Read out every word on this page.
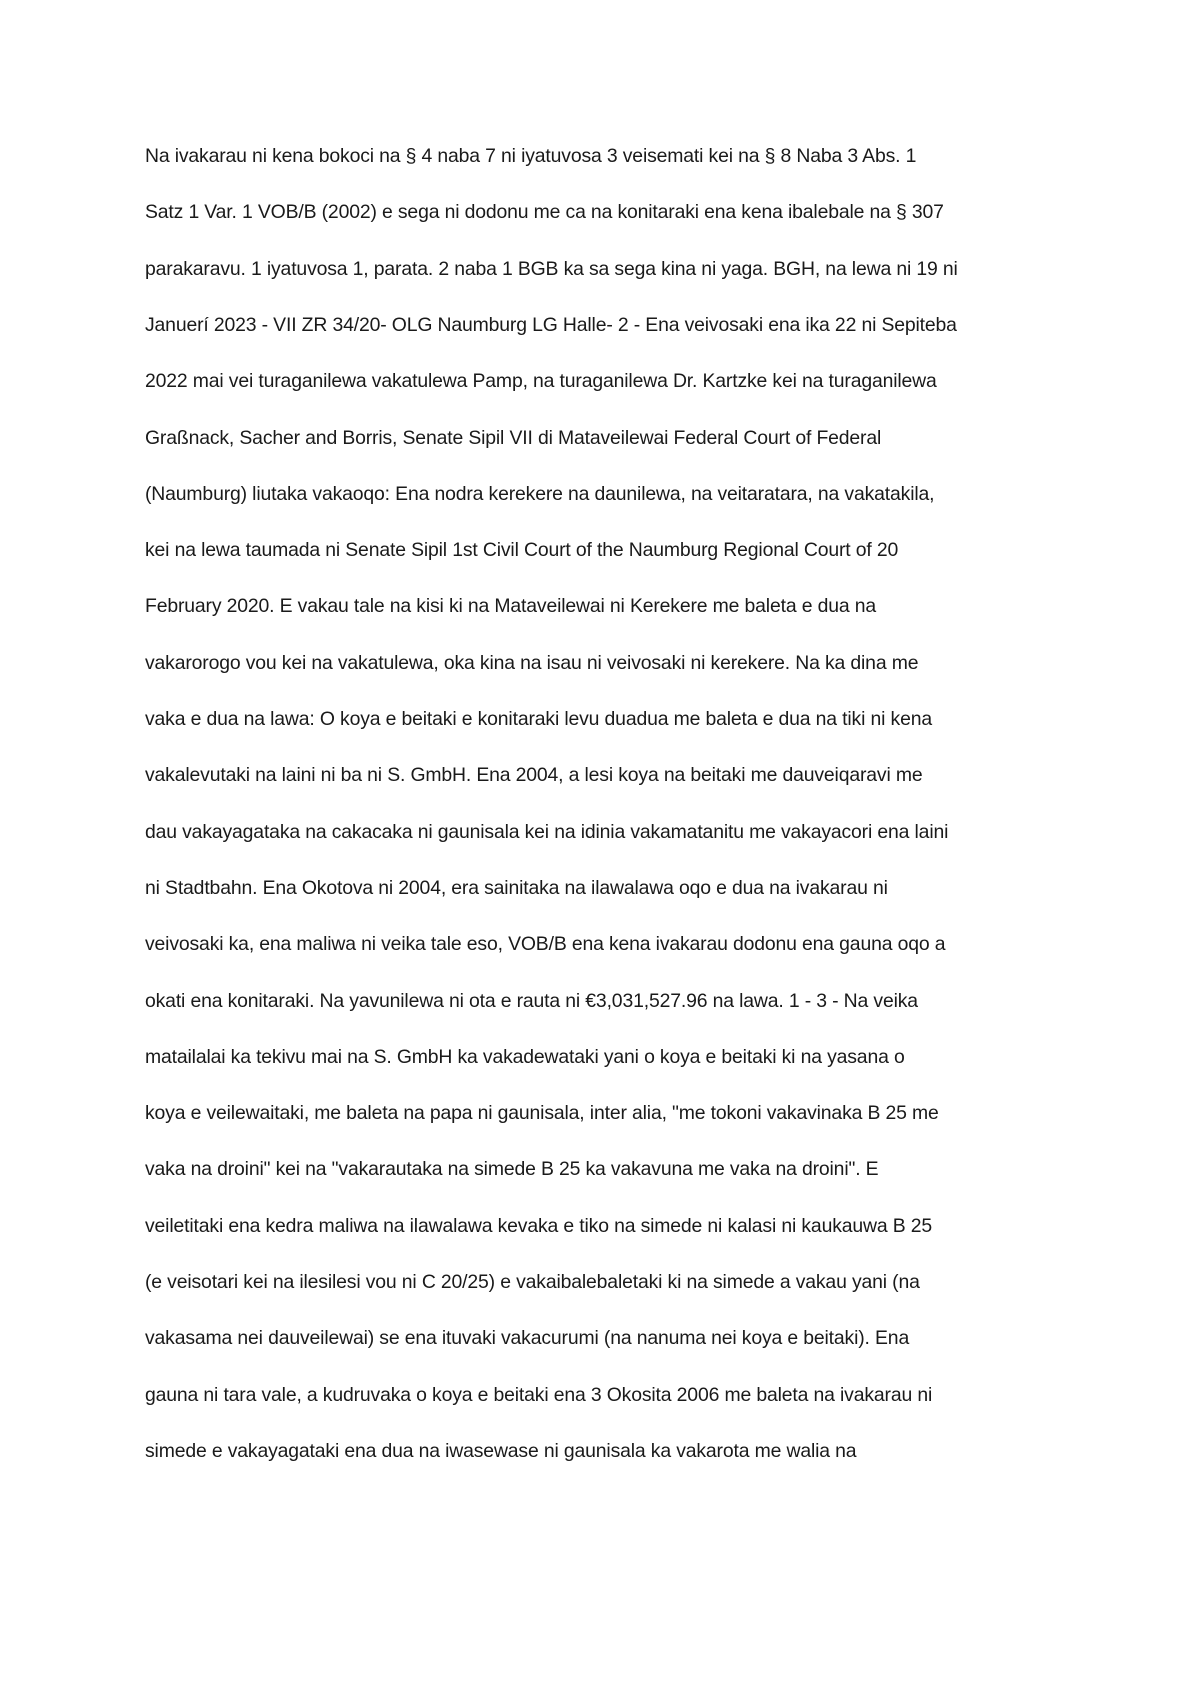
Na ivakarau ni kena bokoci na § 4 naba 7 ni iyatuvosa 3 veisemati kei na § 8 Naba 3 Abs. 1
Satz 1 Var. 1 VOB/B (2002) e sega ni dodonu me ca na konitaraki ena kena ibalebale na § 307
parakaravu. 1 iyatuvosa 1, parata. 2 naba 1 BGB ka sa sega kina ni yaga. BGH, na lewa ni 19 ni
Januerí 2023 - VII ZR 34/20- OLG Naumburg LG Halle- 2 - Ena veivosaki ena ika 22 ni Sepiteba
2022 mai vei turaganilewa vakatulewa Pamp, na turaganilewa Dr. Kartzke kei na turaganilewa
Graßnack, Sacher and Borris, Senate Sipil VII di Mataveilewai Federal Court of Federal
(Naumburg) liutaka vakaoqo: Ena nodra kerekere na daunilewa, na veitaratara, na vakatakila,
kei na lewa taumada ni Senate Sipil 1st Civil Court of the Naumburg Regional Court of 20
February 2020. E vakau tale na kisi ki na Mataveilewai ni Kerekere me baleta e dua na
vakarorogo vou kei na vakatulewa, oka kina na isau ni veivosaki ni kerekere. Na ka dina me
vaka e dua na lawa: O koya e beitaki e konitaraki levu duadua me baleta e dua na tiki ni kena
vakalevutaki na laini ni ba ni S. GmbH. Ena 2004, a lesi koya na beitaki me dauveiqaravi me
dau vakayagataka na cakacaka ni gaunisala kei na idinia vakamatanitu me vakayacori ena laini
ni Stadtbahn. Ena Okotova ni 2004, era sainitaka na ilawalawa oqo e dua na ivakarau ni
veivosaki ka, ena maliwa ni veika tale eso, VOB/B ena kena ivakarau dodonu ena gauna oqo a
okati ena konitaraki. Na yavunilewa ni ota e rauta ni €3,031,527.96 na lawa. 1 - 3 - Na veika
matailalai ka tekivu mai na S. GmbH ka vakadewataki yani o koya e beitaki ki na yasana o
koya e veilewaitaki, me baleta na papa ni gaunisala, inter alia, "me tokoni vakavinaka B 25 me
vaka na droini" kei na "vakarautaka na simede B 25 ka vakavuna me vaka na droini". E
veiletitaki ena kedra maliwa na ilawalawa kevaka e tiko na simede ni kalasi ni kaukauwa B 25
(e veisotari kei na ilesilesi vou ni C 20/25) e vakaibalebaletaki ki na simede a vakau yani (na
vakasama nei dauveilewai) se ena ituvaki vakacurumi (na nanuma nei koya e beitaki). Ena
gauna ni tara vale, a kudruvaka o koya e beitaki ena 3 Okosita 2006 me baleta na ivakarau ni
simede e vakayagataki ena dua na iwasewase ni gaunisala ka vakarota me walia na
